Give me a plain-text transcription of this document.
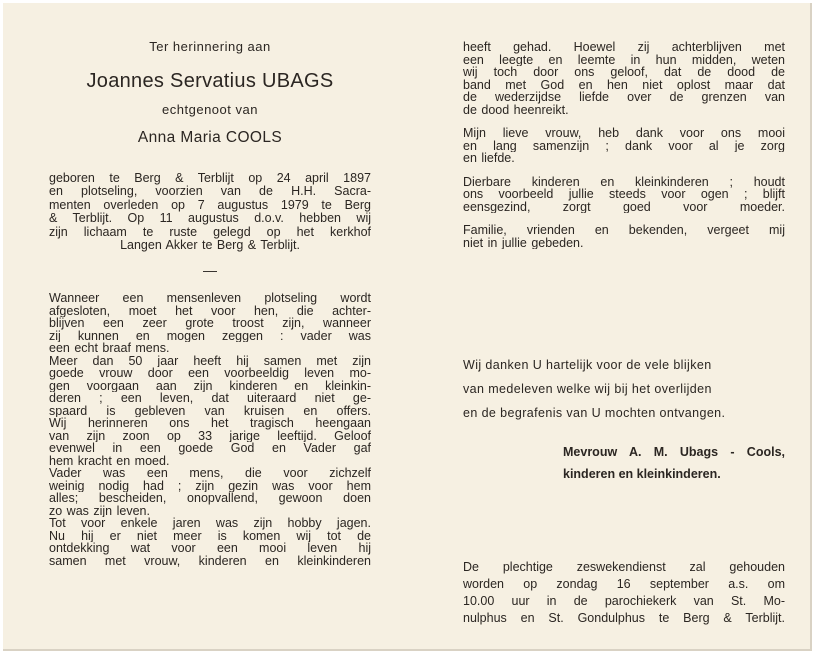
Ter herinnering aan

Joannes Servatius UBAGS

echtgenoot van

Anna Maria COOLS

geboren te Berg & Terblijt op 24 april 1897
en plotseling, voorzien van de H.H. Sacra-
menten overleden op 7 augustus 1979 te Berg
& Terblijt. Op 11 augustus d.o.v. hebben wij
zijn lichaam te ruste gelegd op het kerkhof
Langen Akker te Berg & Terblijt.

—

Wanneer een mensenleven plotseling wordt
afgesloten, moet het voor hen, die achter-
blijven een zeer grote troost zijn, wanneer
zij kunnen en mogen zeggen : vader was
een echt braaf mens.
Meer dan 50 jaar heeft hij samen met zijn
goede vrouw door een voorbeeldig leven mo-
gen voorgaan aan zijn kinderen en kleinkin-
deren ; een leven, dat uiteraard niet ge-
spaard is gebleven van kruisen en offers.
Wij herinneren ons het tragisch heengaan
van zijn zoon op 33 jarige leeftijd. Geloof
evenwel in een goede God en Vader gaf
hem kracht en moed.
Vader was een mens, die voor zichzelf
weinig nodig had ; zijn gezin was voor hem
alles; bescheiden, onopvallend, gewoon doen
zo was zijn leven.
Tot voor enkele jaren was zijn hobby jagen.
Nu hij er niet meer is komen wij tot de
ontdekking wat voor een mooi leven hij
samen met vrouw, kinderen en kleinkinderen
heeft gehad. Hoewel zij achterblijven met
een leegte en leemte in hun midden, weten
wij toch door ons geloof, dat de dood de
band met God en hen niet oplost maar dat
de wederzijdse liefde over de grenzen van
de dood heenreikt.
Mijn lieve vrouw, heb dank voor ons mooi
en lang samenzijn ; dank voor al je zorg
en liefde.
Dierbare kinderen en kleinkinderen ; houdt
ons voorbeeld jullie steeds voor ogen ; blijft
eensgezind, zorgt goed voor moeder.
Familie, vrienden en bekenden, vergeet mij
niet in jullie gebeden.
Wij danken U hartelijk voor de vele blijken
van medeleven welke wij bij het overlijden
en de begrafenis van U mochten ontvangen.
Mevrouw A. M. Ubags - Cools,
kinderen en kleinkinderen.
De plechtige zeswekendienst zal gehouden
worden op zondag 16 september a.s. om
10.00 uur in de parochiekerk van St. Mo-
nulphus en St. Gondulphus te Berg & Terblijt.
